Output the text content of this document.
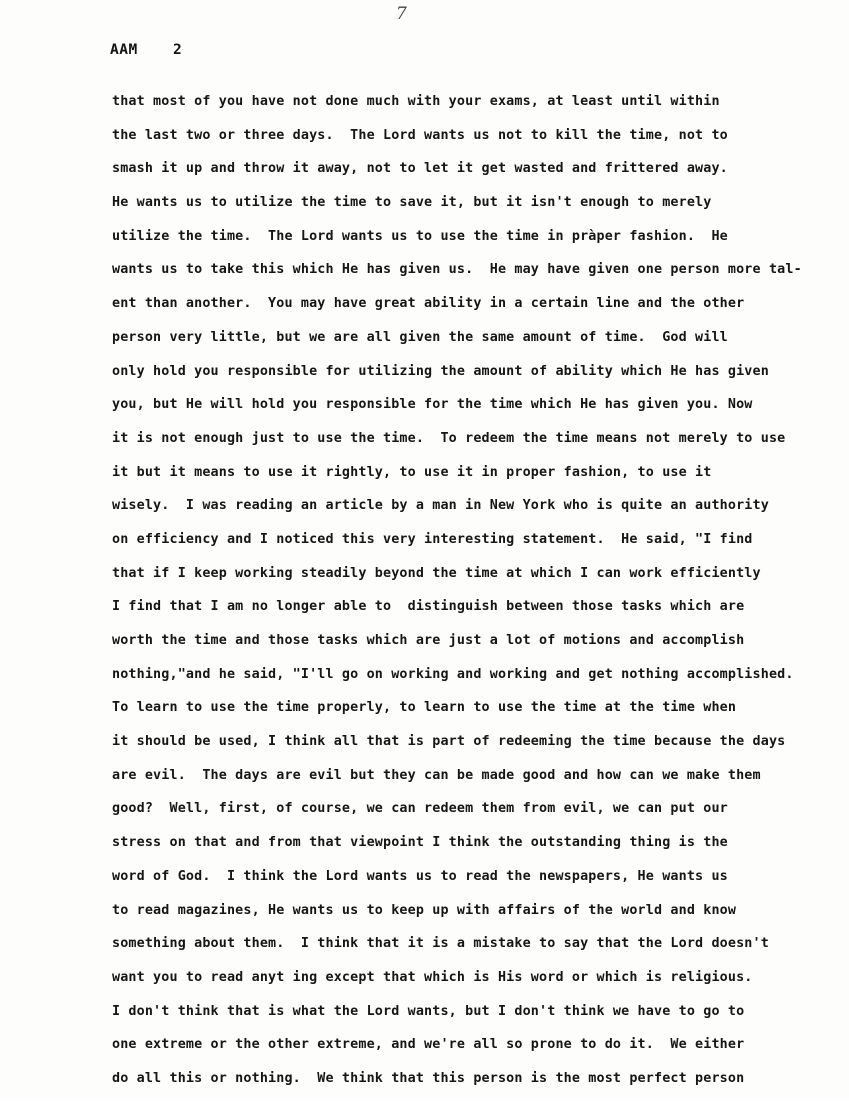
7
AAM 2
that most of you have not done much with your exams, at least until within
the last two or three days.  The Lord wants us not to kill the time, not to
smash it up and throw it away, not to let it get wasted and frittered away.
He wants us to utilize the time to save it, but it isn't enough to merely
utilize the time.  The Lord wants us to use the time in pràper fashion.  He
wants us to take this which He has given us.  He may have given one person more tal-
ent than another.  You may have great ability in a certain line and the other
person very little, but we are all given the same amount of time.  God will
only hold you responsible for utilizing the amount of ability which He has given
you, but He will hold you responsible for the time which He has given you. Now
it is not enough just to use the time.  To redeem the time means not merely to use
it but it means to use it rightly, to use it in proper fashion, to use it
wisely.  I was reading an article by a man in New York who is quite an authority
on efficiency and I noticed this very interesting statement.  He said, "I find
that if I keep working steadily beyond the time at which I can work efficiently
I find that I am no longer able to  distinguish between those tasks which are
worth the time and those tasks which are just a lot of motions and accomplish
nothing,"and he said, "I'll go on working and working and get nothing accomplished.
To learn to use the time properly, to learn to use the time at the time when
it should be used, I think all that is part of redeeming the time because the days
are evil.  The days are evil but they can be made good and how can we make them
good?  Well, first, of course, we can redeem them from evil, we can put our
stress on that and from that viewpoint I think the outstanding thing is the
word of God.  I think the Lord wants us to read the newspapers, He wants us
to read magazines, He wants us to keep up with affairs of the world and know
something about them.  I think that it is a mistake to say that the Lord doesn't
want you to read anyt ing except that which is His word or which is religious.
I don't think that is what the Lord wants, but I don't think we have to go to
one extreme or the other extreme, and we're all so prone to do it.  We either
do all this or nothing.  We think that this person is the most perfect person
